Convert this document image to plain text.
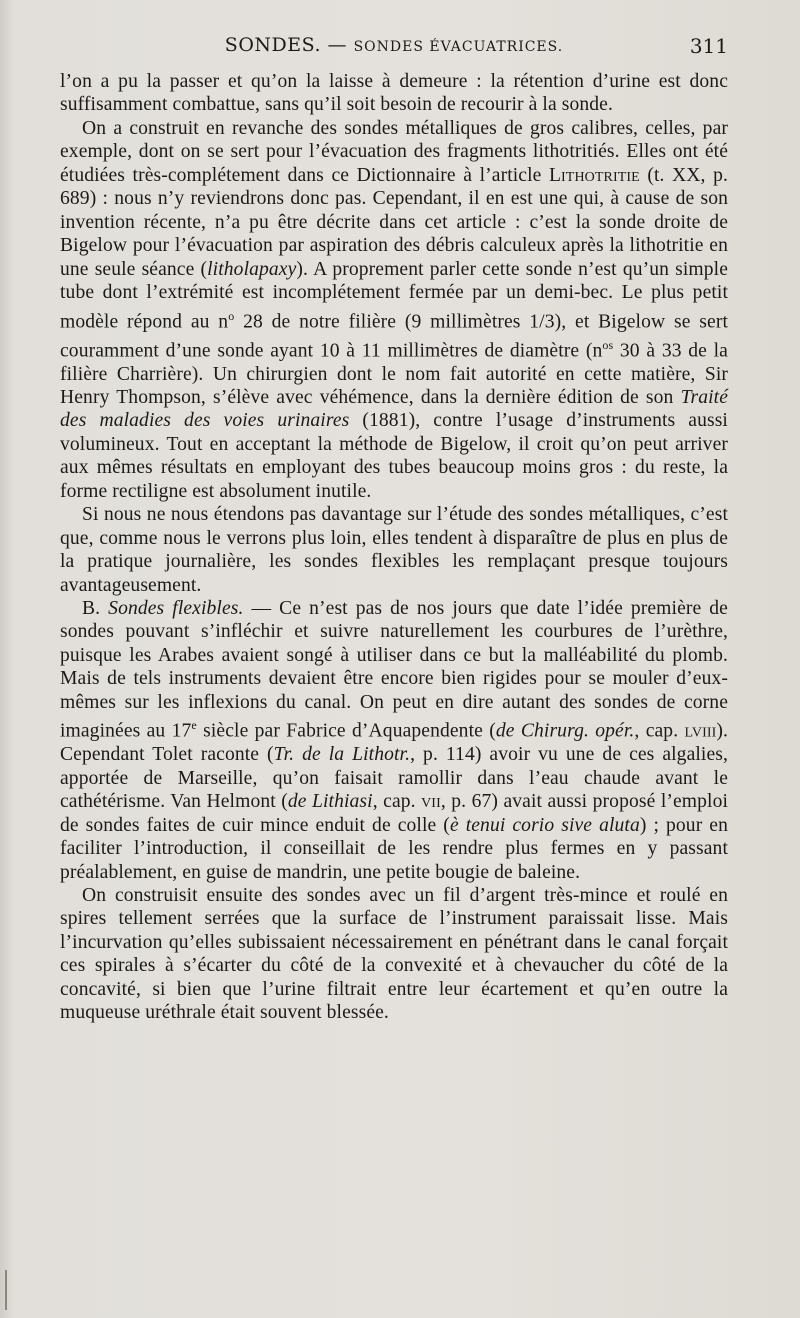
SONDES. — SONDES ÉVACUATRICES.	311

l’on a pu la passer et qu’on la laisse à demeure : la rétention d’urine est donc suffisamment combattue, sans qu’il soit besoin de recourir à la sonde.

On a construit en revanche des sondes métalliques de gros calibres, celles, par exemple, dont on se sert pour l’évacuation des fragments lithotritiés. Elles ont été étudiées très-complétement dans ce Dictionnaire à l’article Lithotritie (t. XX, p. 689) : nous n’y reviendrons donc pas. Cependant, il en est une qui, à cause de son invention récente, n’a pu être décrite dans cet article : c’est la sonde droite de Bigelow pour l’évacuation par aspiration des débris calculeux après la lithotritie en une seule séance (litholapaxy). A proprement parler cette sonde n’est qu’un simple tube dont l’extrémité est incomplétement fermée par un demi-bec. Le plus petit modèle répond au $n^o$ 28 de notre filière (9 millimètres 1/3), et Bigelow se sert couramment d’une sonde ayant 10 à 11 millimètres de diamètre ($n^{os}$ 30 à 33 de la filière Charrière). Un chirurgien dont le nom fait autorité en cette matière, Sir Henry Thompson, s’élève avec véhémence, dans la dernière édition de son Traité des maladies des voies urinaires (1881), contre l’usage d’instruments aussi volumineux. Tout en acceptant la méthode de Bigelow, il croit qu’on peut arriver aux mêmes résultats en employant des tubes beaucoup moins gros : du reste, la forme rectiligne est absolument inutile.

Si nous ne nous étendons pas davantage sur l’étude des sondes métalliques, c’est que, comme nous le verrons plus loin, elles tendent à disparaître de plus en plus de la pratique journalière, les sondes flexibles les remplaçant presque toujours avantageusement.

B. Sondes flexibles. — Ce n’est pas de nos jours que date l’idée première de sondes pouvant s’infléchir et suivre naturellement les courbures de l’urèthre, puisque les Arabes avaient songé à utiliser dans ce but la malléabilité du plomb. Mais de tels instruments devaient être encore bien rigides pour se mouler d’eux-mêmes sur les inflexions du canal. On peut en dire autant des sondes de corne imaginées au 17e siècle par Fabrice d’Aquapendente (de Chirurg. opér., cap. lviii). Cependant Tolet raconte (Tr. de la Lithotr., p. 114) avoir vu une de ces algalies, apportée de Marseille, qu’on faisait ramollir dans l’eau chaude avant le cathétérisme. Van Helmont (de Lithiasi, cap. vii, p. 67) avait aussi proposé l’emploi de sondes faites de cuir mince enduit de colle (è tenui corio sive aluta) ; pour en faciliter l’introduction, il conseillait de les rendre plus fermes en y passant préalablement, en guise de mandrin, une petite bougie de baleine.

On construisit ensuite des sondes avec un fil d’argent très-mince et roulé en spires tellement serrées que la surface de l’instrument paraissait lisse. Mais l’incurvation qu’elles subissaient nécessairement en pénétrant dans le canal forçait ces spirales à s’écarter du côté de la convexité et à chevaucher du côté de la concavité, si bien que l’urine filtrait entre leur écartement et qu’en outre la muqueuse uréthrale était souvent blessée.
